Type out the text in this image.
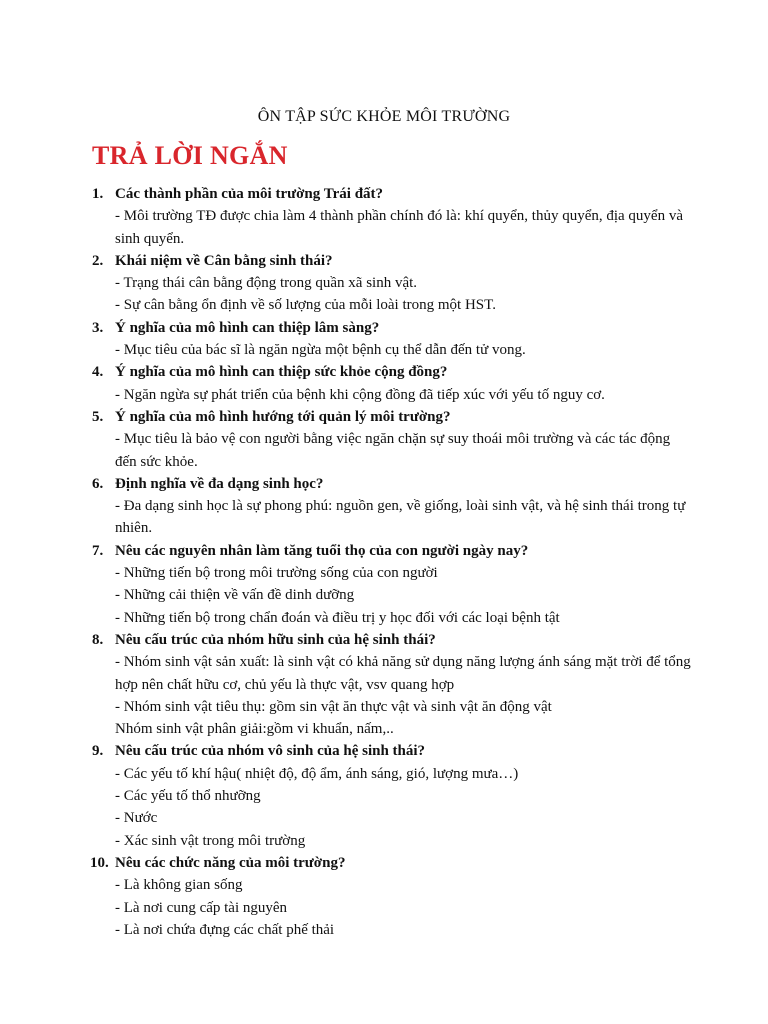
ÔN TẬP SỨC KHỎE MÔI TRƯỜNG
TRẢ LỜI NGẮN
1. Các thành phần của môi trường Trái đất?

- Môi trường TĐ được chia làm 4 thành phần chính đó là: khí quyển, thủy quyển, địa quyển và sinh quyển.

2. Khái niệm về Cân bằng sinh thái?

- Trạng thái cân bằng động trong quần xã sinh vật.

- Sự cân bằng ổn định về số lượng của mỗi loài trong một HST.

3. Ý nghĩa của mô hình can thiệp lâm sàng?

- Mục tiêu của bác sĩ là ngăn ngừa một bệnh cụ thể dẫn đến tử vong.

4. Ý nghĩa của mô hình can thiệp sức khỏe cộng đồng?

- Ngăn ngừa sự phát triển của bệnh khi cộng đồng đã tiếp xúc với yếu tố nguy cơ.

5. Ý nghĩa của mô hình hướng tới quản lý môi trường?

- Mục tiêu là bảo vệ con người bằng việc ngăn chặn sự suy thoái môi trường và các tác động đến sức khỏe.

6. Định nghĩa về đa dạng sinh học?

- Đa dạng sinh học là sự phong phú: nguồn gen, về giống, loài sinh vật, và hệ sinh thái trong tự nhiên.

7. Nêu các nguyên nhân làm tăng tuổi thọ của con người ngày nay?

- Những tiến bộ trong môi trường sống của con người

- Những cải thiện về vấn đề dinh dưỡng

- Những tiến bộ trong chẩn đoán và điều trị y học đối với các loại bệnh tật

8. Nêu cấu trúc của nhóm hữu sinh của hệ sinh thái?

- Nhóm sinh vật sản xuất: là sinh vật có khả năng sử dụng năng lượng ánh sáng mặt trời để tổng hợp nên chất hữu cơ, chủ yếu là thực vật, vsv quang hợp

- Nhóm sinh vật tiêu thụ: gồm sin vật ăn thực vật và sinh vật ăn động vật

Nhóm sinh vật phân giải:gồm vi khuẩn, nấm,..

9. Nêu cấu trúc của nhóm vô sinh của hệ sinh thái?

- Các yếu tố khí hậu( nhiệt độ, độ ẩm, ánh sáng, gió, lượng mưa…)

- Các yếu tố thổ nhưỡng

- Nước

- Xác sinh vật trong môi trường

10. Nêu các chức năng của môi trường?

- Là không gian sống

- Là nơi cung cấp tài nguyên

- Là nơi chứa đựng các chất phế thải
